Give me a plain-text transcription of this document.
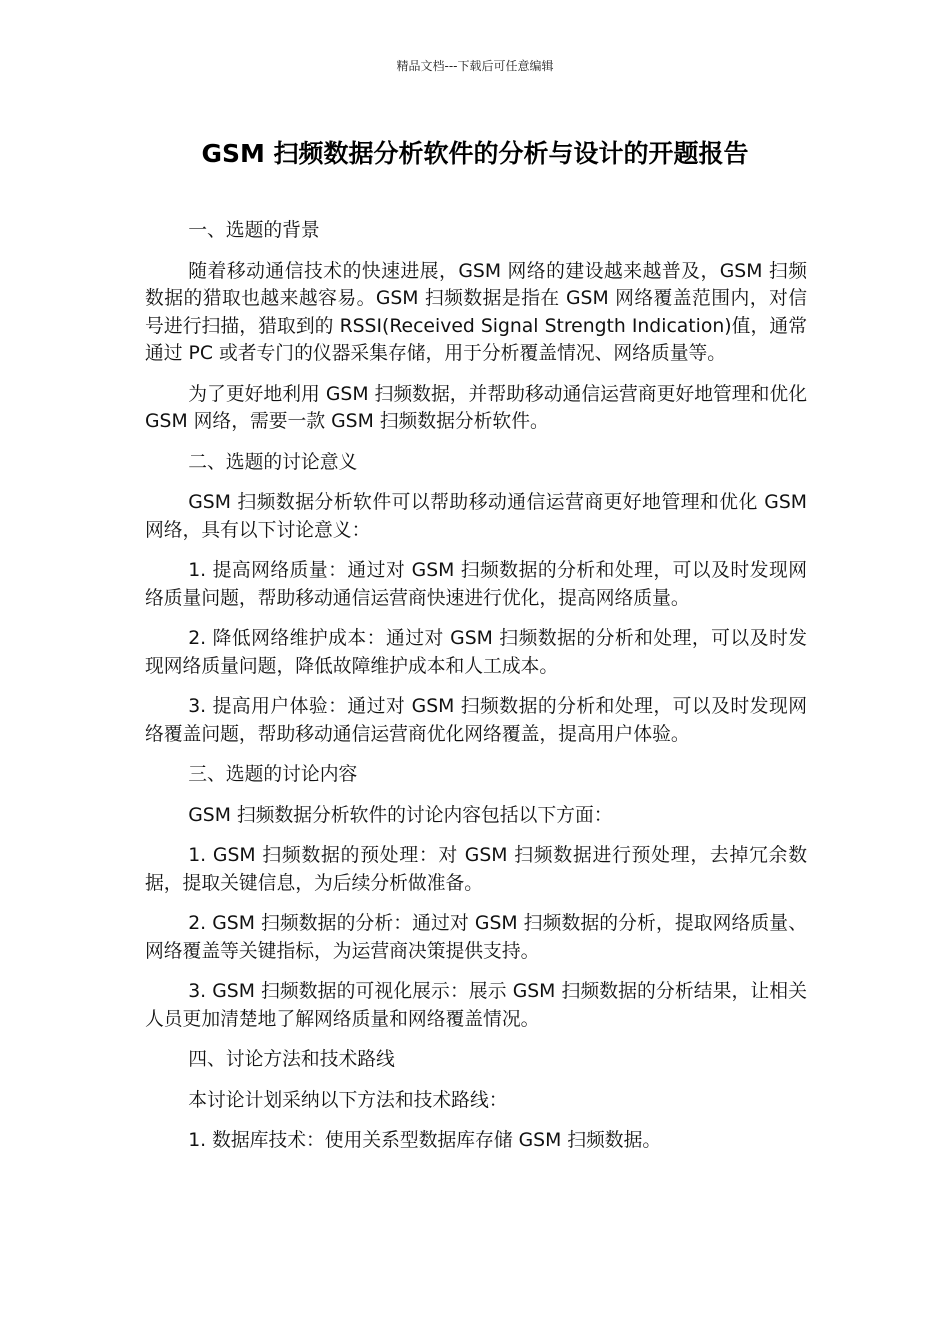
精品文档---下载后可任意编辑
GSM 扫频数据分析软件的分析与设计的开题报告

一、选题的背景

随着移动通信技术的快速进展，GSM 网络的建设越来越普及，GSM 扫频数据的猎取也越来越容易。GSM 扫频数据是指在 GSM 网络覆盖范围内，对信号进行扫描，猎取到的 RSSI(Received Signal Strength Indication)值，通常通过 PC 或者专门的仪器采集存储，用于分析覆盖情况、网络质量等。

为了更好地利用 GSM 扫频数据，并帮助移动通信运营商更好地管理和优化 GSM 网络，需要一款 GSM 扫频数据分析软件。

二、选题的讨论意义

GSM 扫频数据分析软件可以帮助移动通信运营商更好地管理和优化 GSM 网络，具有以下讨论意义：

1. 提高网络质量：通过对 GSM 扫频数据的分析和处理，可以及时发现网络质量问题，帮助移动通信运营商快速进行优化，提高网络质量。

2. 降低网络维护成本：通过对 GSM 扫频数据的分析和处理，可以及时发现网络质量问题，降低故障维护成本和人工成本。

3. 提高用户体验：通过对 GSM 扫频数据的分析和处理，可以及时发现网络覆盖问题，帮助移动通信运营商优化网络覆盖，提高用户体验。

三、选题的讨论内容

GSM 扫频数据分析软件的讨论内容包括以下方面：

1. GSM 扫频数据的预处理：对 GSM 扫频数据进行预处理，去掉冗余数据，提取关键信息，为后续分析做准备。

2. GSM 扫频数据的分析：通过对 GSM 扫频数据的分析，提取网络质量、网络覆盖等关键指标，为运营商决策提供支持。

3. GSM 扫频数据的可视化展示：展示 GSM 扫频数据的分析结果，让相关人员更加清楚地了解网络质量和网络覆盖情况。

四、讨论方法和技术路线

本讨论计划采纳以下方法和技术路线：

1. 数据库技术：使用关系型数据库存储 GSM 扫频数据。
